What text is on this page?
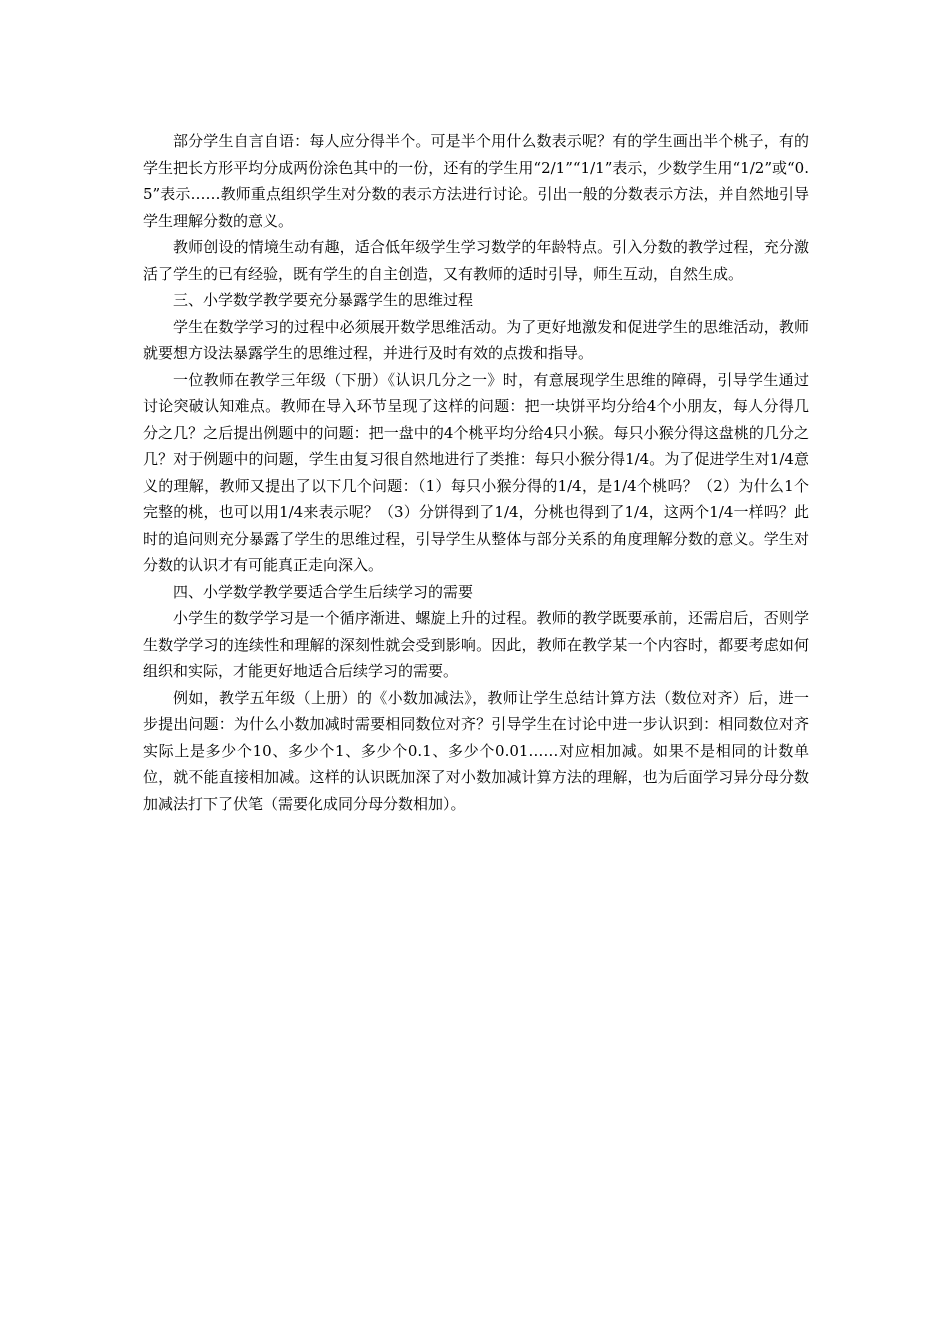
部分学生自言自语：每人应分得半个。可是半个用什么数表示呢？有的学生画出半个桃子，有的学生把长方形平均分成两份涂色其中的一份，还有的学生用“2/1”“1/1”表示，少数学生用“1/2”或“0.5”表示……教师重点组织学生对分数的表示方法进行讨论。引出一般的分数表示方法，并自然地引导学生理解分数的意义。

教师创设的情境生动有趣，适合低年级学生学习数学的年龄特点。引入分数的教学过程，充分激活了学生的已有经验，既有学生的自主创造，又有教师的适时引导，师生互动，自然生成。

三、小学数学教学要充分暴露学生的思维过程

学生在数学学习的过程中必须展开数学思维活动。为了更好地激发和促进学生的思维活动，教师就要想方设法暴露学生的思维过程，并进行及时有效的点拨和指导。

一位教师在教学三年级（下册）《认识几分之一》时，有意展现学生思维的障碍，引导学生通过讨论突破认知难点。教师在导入环节呈现了这样的问题：把一块饼平均分给4个小朋友，每人分得几分之几？之后提出例题中的问题：把一盘中的4个桃平均分给4只小猴。每只小猴分得这盘桃的几分之几？对于例题中的问题，学生由复习很自然地进行了类推：每只小猴分得1/4。为了促进学生对1/4意义的理解，教师又提出了以下几个问题：（1）每只小猴分得的1/4，是1/4个桃吗？（2）为什么1个完整的桃，也可以用1/4来表示呢？（3）分饼得到了1/4，分桃也得到了1/4，这两个1/4一样吗？此时的追问则充分暴露了学生的思维过程，引导学生从整体与部分关系的角度理解分数的意义。学生对分数的认识才有可能真正走向深入。

四、小学数学教学要适合学生后续学习的需要

小学生的数学学习是一个循序渐进、螺旋上升的过程。教师的教学既要承前，还需启后，否则学生数学学习的连续性和理解的深刻性就会受到影响。因此，教师在教学某一个内容时，都要考虑如何组织和实际，才能更好地适合后续学习的需要。

例如，教学五年级（上册）的《小数加减法》，教师让学生总结计算方法（数位对齐）后，进一步提出问题：为什么小数加减时需要相同数位对齐？引导学生在讨论中进一步认识到：相同数位对齐实际上是多少个10、多少个1、多少个0.1、多少个0.01……对应相加减。如果不是相同的计数单位，就不能直接相加减。这样的认识既加深了对小数加减计算方法的理解，也为后面学习异分母分数加减法打下了伏笔（需要化成同分母分数相加）。
